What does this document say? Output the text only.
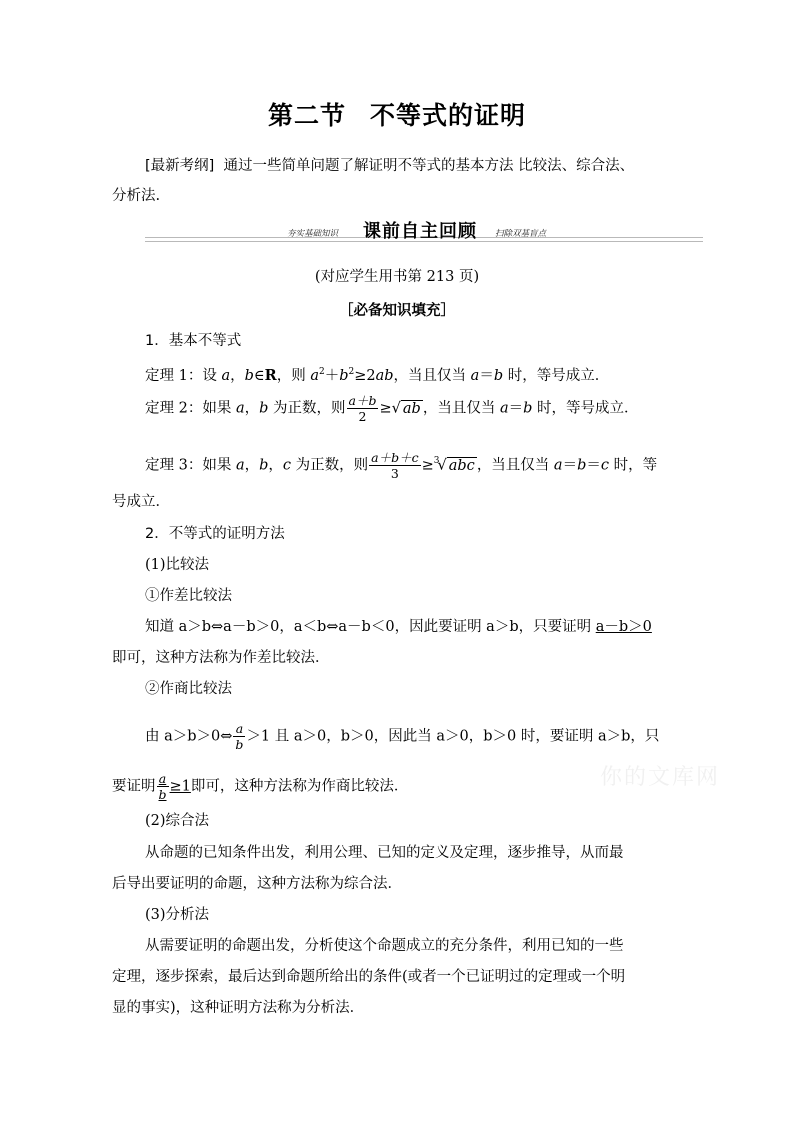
第二节 不等式的证明
[最新考纲] 通过一些简单问题了解证明不等式的基本方法 比较法、综合法、
分析法.
夯实基础知识 课前自主回顾 扫除双基盲点
(对应学生用书第 213 页)
［必备知识填充］
1．基本不等式
定理 1：设 a，b∈R，则 $a^2+b^2\ge 2ab$，当且仅当 a＝b 时，等号成立．
定理 2：如果 a，b 为正数，则 $\frac{a+b}{2}$ ≥√ ab ，当且仅当 a＝b 时，等号成立．
定理 3：如果 a，b，c 为正数，则 $\frac{a+b+c}{3} \ge^3√$ abc ，当且仅当 a＝b＝c 时，等
号成立．
2．不等式的证明方法
(1)比较法
①作差比较法
知道 a＞b⇔a－b＞0，a＜b⇔a－b＜0，因此要证明 a＞b，只要证明 a－b＞0
即可，这种方法称为作差比较法．
②作商比较法
由 a＞b＞0⇔ $\frac{a}{b} >1$ 且 a＞0，b＞0，因此当 a＞0，b＞0 时，要证明 a＞b，只
要证明 $\frac{a}{b} \ge 1$即可，这种方法称为作商比较法．
(2)综合法
从命题的已知条件出发，利用公理、已知的定义及定理，逐步推导，从而最
后导出要证明的命题，这种方法称为综合法．
(3)分析法
从需要证明的命题出发，分析使这个命题成立的充分条件，利用已知的一些
定理，逐步探索，最后达到命题所给出的条件(或者一个已证明过的定理或一个明
显的事实)，这种证明方法称为分析法．
你的文库网
